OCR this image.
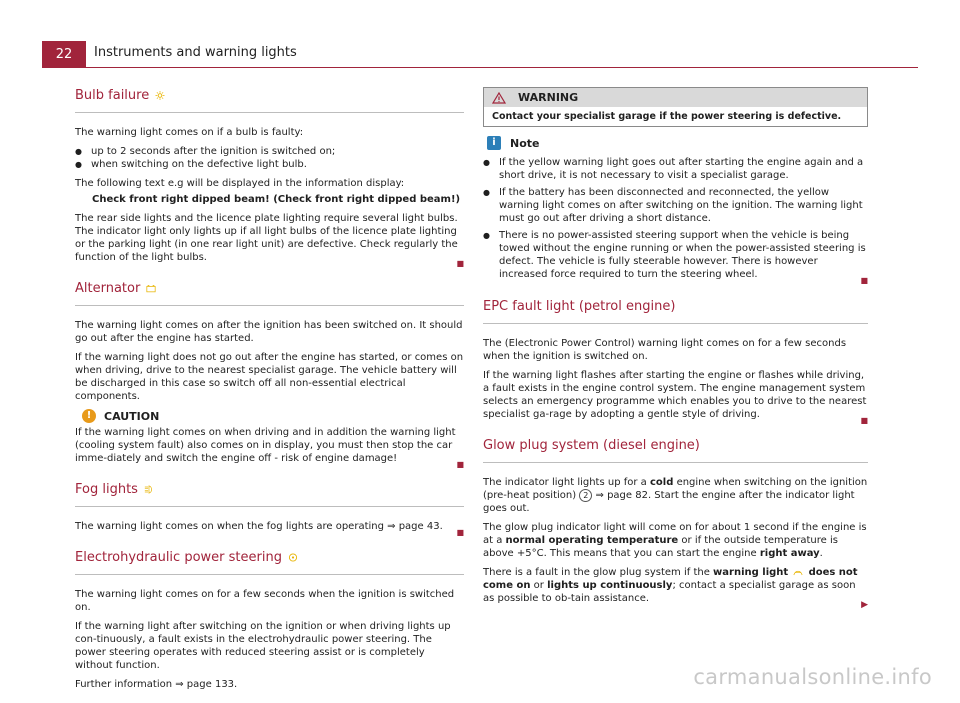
22	Instruments and warning lights
Bulb failure

The warning light comes on if a bulb is faulty:

● up to 2 seconds after the ignition is switched on;
● when switching on the defective light bulb.

The following text e.g will be displayed in the information display:

Check front right dipped beam! (Check front right dipped beam!)

The rear side lights and the licence plate lighting require several light bulbs. The indicator light only lights up if all light bulbs of the licence plate lighting or the parking light (in one rear light unit) are defective. Check regularly the function of the light bulbs.

■
Alternator

The warning light comes on after the ignition has been switched on. It should go out after the engine has started.

If the warning light does not go out after the engine has started, or comes on when driving, drive to the nearest specialist garage. The vehicle battery will be discharged in this case so switch off all non-essential electrical components.

!	CAUTION

If the warning light comes on when driving and in addition the warning light (cooling system fault) also comes on in display, you must then stop the car imme-diately and switch the engine off - risk of engine damage!

■
Fog lights

The warning light comes on when the fog lights are operating ⇒ page 43.

■
Electrohydraulic power steering

The warning light comes on for a few seconds when the ignition is switched on.

If the warning light after switching on the ignition or when driving lights up con-tinuously, a fault exists in the electrohydraulic power steering. The power steering operates with reduced steering assist or is completely without function.

Further information ⇒ page 133.

WARNING
Contact your specialist garage if the power steering is defective.
i	Note
● If the yellow warning light goes out after starting the engine again and a short drive, it is not necessary to visit a specialist garage.
● If the battery has been disconnected and reconnected, the yellow warning light comes on after switching on the ignition. The warning light must go out after driving a short distance.
● There is no power-assisted steering support when the vehicle is being towed without the engine running or when the power-assisted steering is defect. The vehicle is fully steerable however. There is however increased force required to turn the steering wheel.
■
EPC fault light (petrol engine)

The (Electronic Power Control) warning light comes on for a few seconds when the ignition is switched on.

If the warning light flashes after starting the engine or flashes while driving, a fault exists in the engine control system. The engine management system selects an emergency programme which enables you to drive to the nearest specialist ga-rage by adopting a gentle style of driving.

■
Glow plug system (diesel engine)

The indicator light lights up for a cold engine when switching on the ignition (pre-heat position) 2 ⇒ page 82. Start the engine after the indicator light goes out.

The glow plug indicator light will come on for about 1 second if the engine is at a normal operating temperature or if the outside temperature is above +5°C. This means that you can start the engine right away.

There is a fault in the glow plug system if the warning light does not come on or lights up continuously; contact a specialist garage as soon as possible to ob-tain assistance.

▶
carmanualsonline.info
